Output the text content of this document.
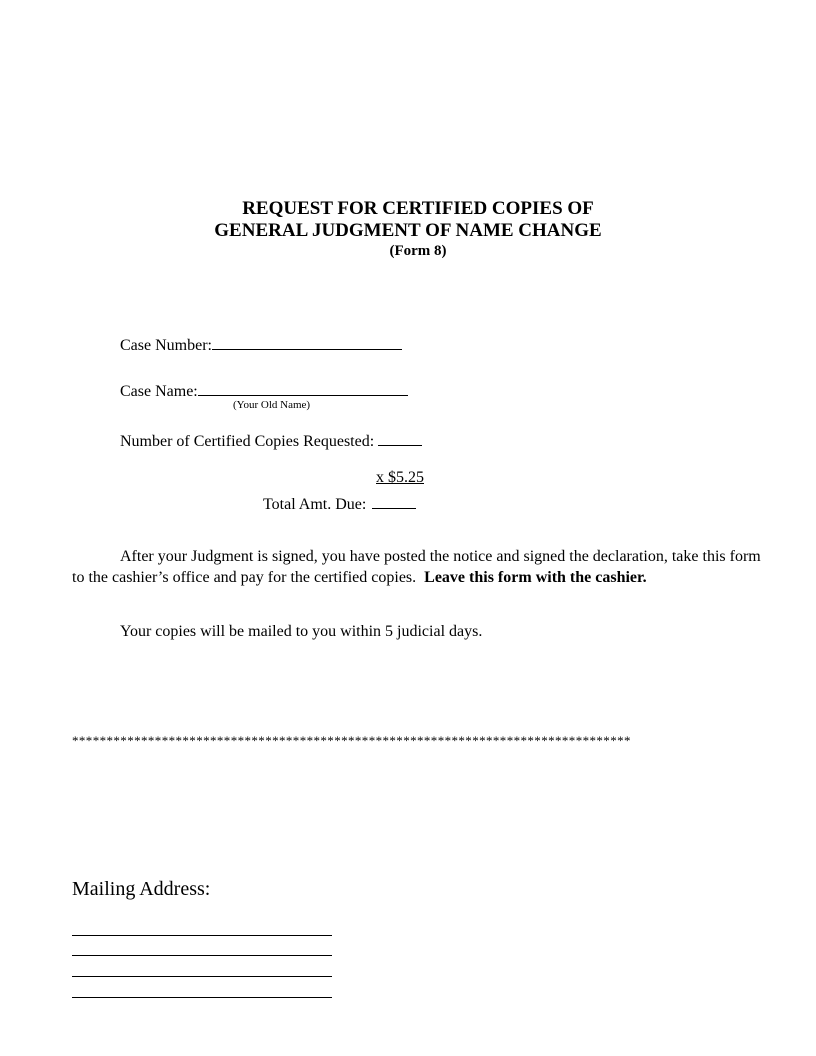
REQUEST FOR CERTIFIED COPIES OF
GENERAL JUDGMENT OF NAME CHANGE
(Form 8)
Case Number:
Case Name:
(Your Old Name)
Number of Certified Copies Requested:
x $5.25
Total Amt. Due:
After your Judgment is signed, you have posted the notice and signed the declaration, take this form to the cashier’s office and pay for the certified copies. Leave this form with the cashier.
Your copies will be mailed to you within 5 judicial days.
*********************************************************************************
Mailing Address:
